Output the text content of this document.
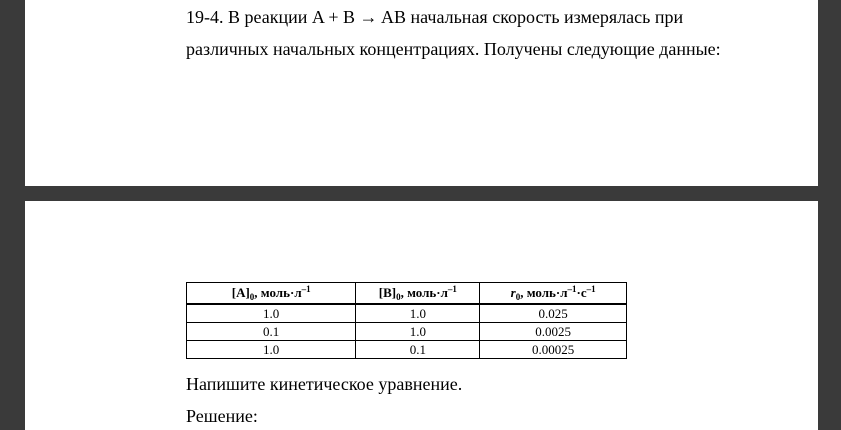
19-4. В реакции A + B → AB начальная скорость измерялась при
различных начальных концентрациях. Получены следующие данные:
$[A]_0$, $моль\cdot л^{-1}$	$[B]_0$, $моль\cdot л^{-1}$	$r_0$, $моль\cdot л^{-1}\cdot с^{-1}$
1.0	1.0	0.025
0.1	1.0	0.0025
1.0	0.1	0.00025
Напишите кинетическое уравнение.
Решение:
